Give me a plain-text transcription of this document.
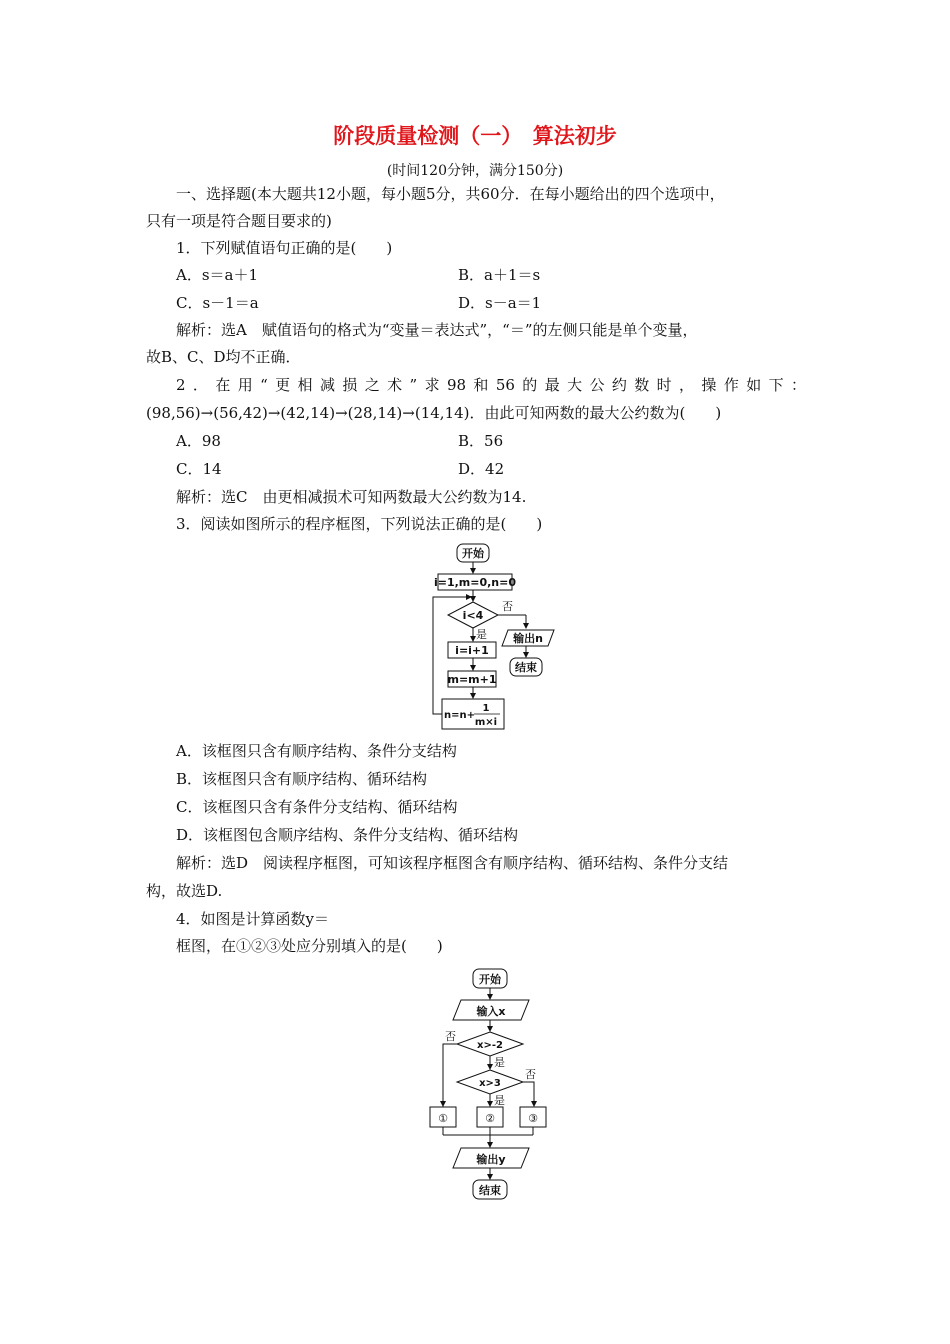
阶段质量检测（一）　算法初步
(时间120分钟，满分150分)
一、选择题(本大题共12小题，每小题5分，共60分．在每小题给出的四个选项中，
只有一项是符合题目要求的)
1．下列赋值语句正确的是(　　)
A．s＝a＋1	B．a＋1＝s
C．s－1＝a	D．s－a＝1
解析：选A　赋值语句的格式为“变量＝表达式”，“＝”的左侧只能是单个变量，
故B、C、D均不正确．
2．在用“更相减损之术”求98和56的最大公约数时，操作如下：
(98,56)→(56,42)→(42,14)→(28,14)→(14,14)．由此可知两数的最大公约数为(　　)
A．98	B．56
C．14	D．42
解析：选C　由更相减损术可知两数最大公约数为14.
3．阅读如图所示的程序框图，下列说法正确的是(　　)
开始
i=1,m=0,n=0
i<4
否
是 输出n
结束
i=i+1
m=m+1
n=n+
1
m×i
A．该框图只含有顺序结构、条件分支结构
B．该框图只含有顺序结构、循环结构
C．该框图只含有条件分支结构、循环结构
D．该框图包含顺序结构、条件分支结构、循环结构
解析：选D　阅读程序框图，可知该程序框图含有顺序结构、循环结构、条件分支结
构，故选D.
4．如图是计算函数y＝
框图，在①②③处应分别填入的是(　　)
开始
输入x
x>-2
x>3
否
是
否
是
①	②	③
输出y
结束
